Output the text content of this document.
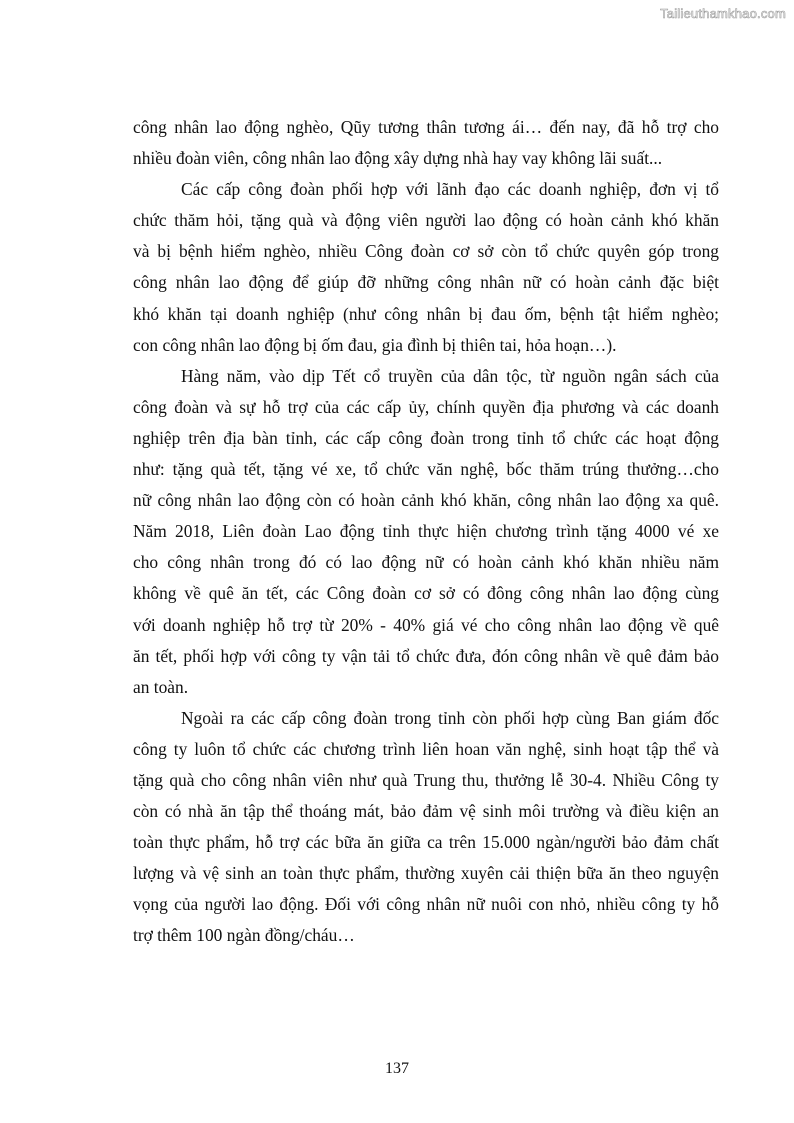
Tailieuthamkhao.com
công nhân lao động nghèo, Qũy tương thân tương ái… đến nay, đã hỗ trợ cho
nhiều đoàn viên, công nhân lao động xây dựng nhà hay vay không lãi suất...
Các cấp công đoàn phối hợp với lãnh đạo các doanh nghiệp, đơn vị tổ
chức thăm hỏi, tặng quà và động viên người lao động có hoàn cảnh khó khăn
và bị bệnh hiểm nghèo, nhiều Công đoàn cơ sở còn tổ chức quyên góp trong
công nhân lao động để giúp đỡ những công nhân nữ có hoàn cảnh đặc biệt
khó khăn tại doanh nghiệp (như công nhân bị đau ốm, bệnh tật hiểm nghèo;
con công nhân lao động bị ốm đau, gia đình bị thiên tai, hỏa hoạn…).
Hàng năm, vào dịp Tết cổ truyền của dân tộc, từ nguồn ngân sách của
công đoàn và sự hỗ trợ của các cấp ủy, chính quyền địa phương và các doanh
nghiệp trên địa bàn tỉnh, các cấp công đoàn trong tỉnh tổ chức các hoạt động
như: tặng quà tết, tặng vé xe, tổ chức văn nghệ, bốc thăm trúng thưởng…cho
nữ công nhân lao động còn có hoàn cảnh khó khăn, công nhân lao động xa quê.
Năm 2018, Liên đoàn Lao động tỉnh thực hiện chương trình tặng 4000 vé xe
cho công nhân trong đó có lao động nữ có hoàn cảnh khó khăn nhiều năm
không về quê ăn tết, các Công đoàn cơ sở có đông công nhân lao động cùng
với doanh nghiệp hỗ trợ từ 20% - 40% giá vé cho công nhân lao động về quê
ăn tết, phối hợp với công ty vận tải tổ chức đưa, đón công nhân về quê đảm bảo
an toàn.
Ngoài ra các cấp công đoàn trong tỉnh còn phối hợp cùng Ban giám đốc
công ty luôn tổ chức các chương trình liên hoan văn nghệ, sinh hoạt tập thể và
tặng quà cho công nhân viên như quà Trung thu, thưởng lễ 30-4. Nhiều Công ty
còn có nhà ăn tập thể thoáng mát, bảo đảm vệ sinh môi trường và điều kiện an
toàn thực phẩm, hỗ trợ các bữa ăn giữa ca trên 15.000 ngàn/người bảo đảm chất
lượng và vệ sinh an toàn thực phẩm, thường xuyên cải thiện bữa ăn theo nguyện
vọng của người lao động. Đối với công nhân nữ nuôi con nhỏ, nhiều công ty hỗ
trợ thêm 100 ngàn đồng/cháu…
137
